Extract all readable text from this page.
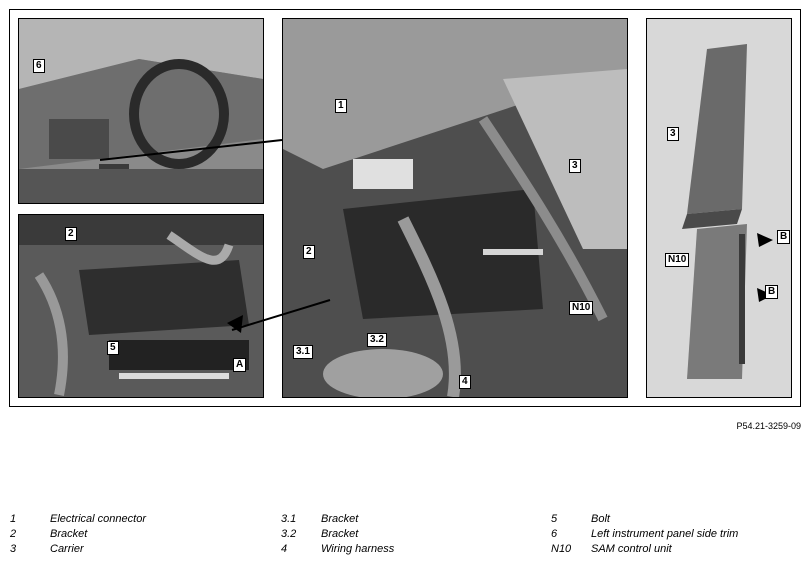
6
2
5
A
1
2
3
3.1
3.2
4
N10
3
N10
B
B
P54.21-3259-09
1	Electrical connector
2	Bracket
3	Carrier
3.1 Bracket
3.2 Bracket
4	Wiring harness
5	Bolt
6	Left instrument panel side trim
N10 SAM control unit
